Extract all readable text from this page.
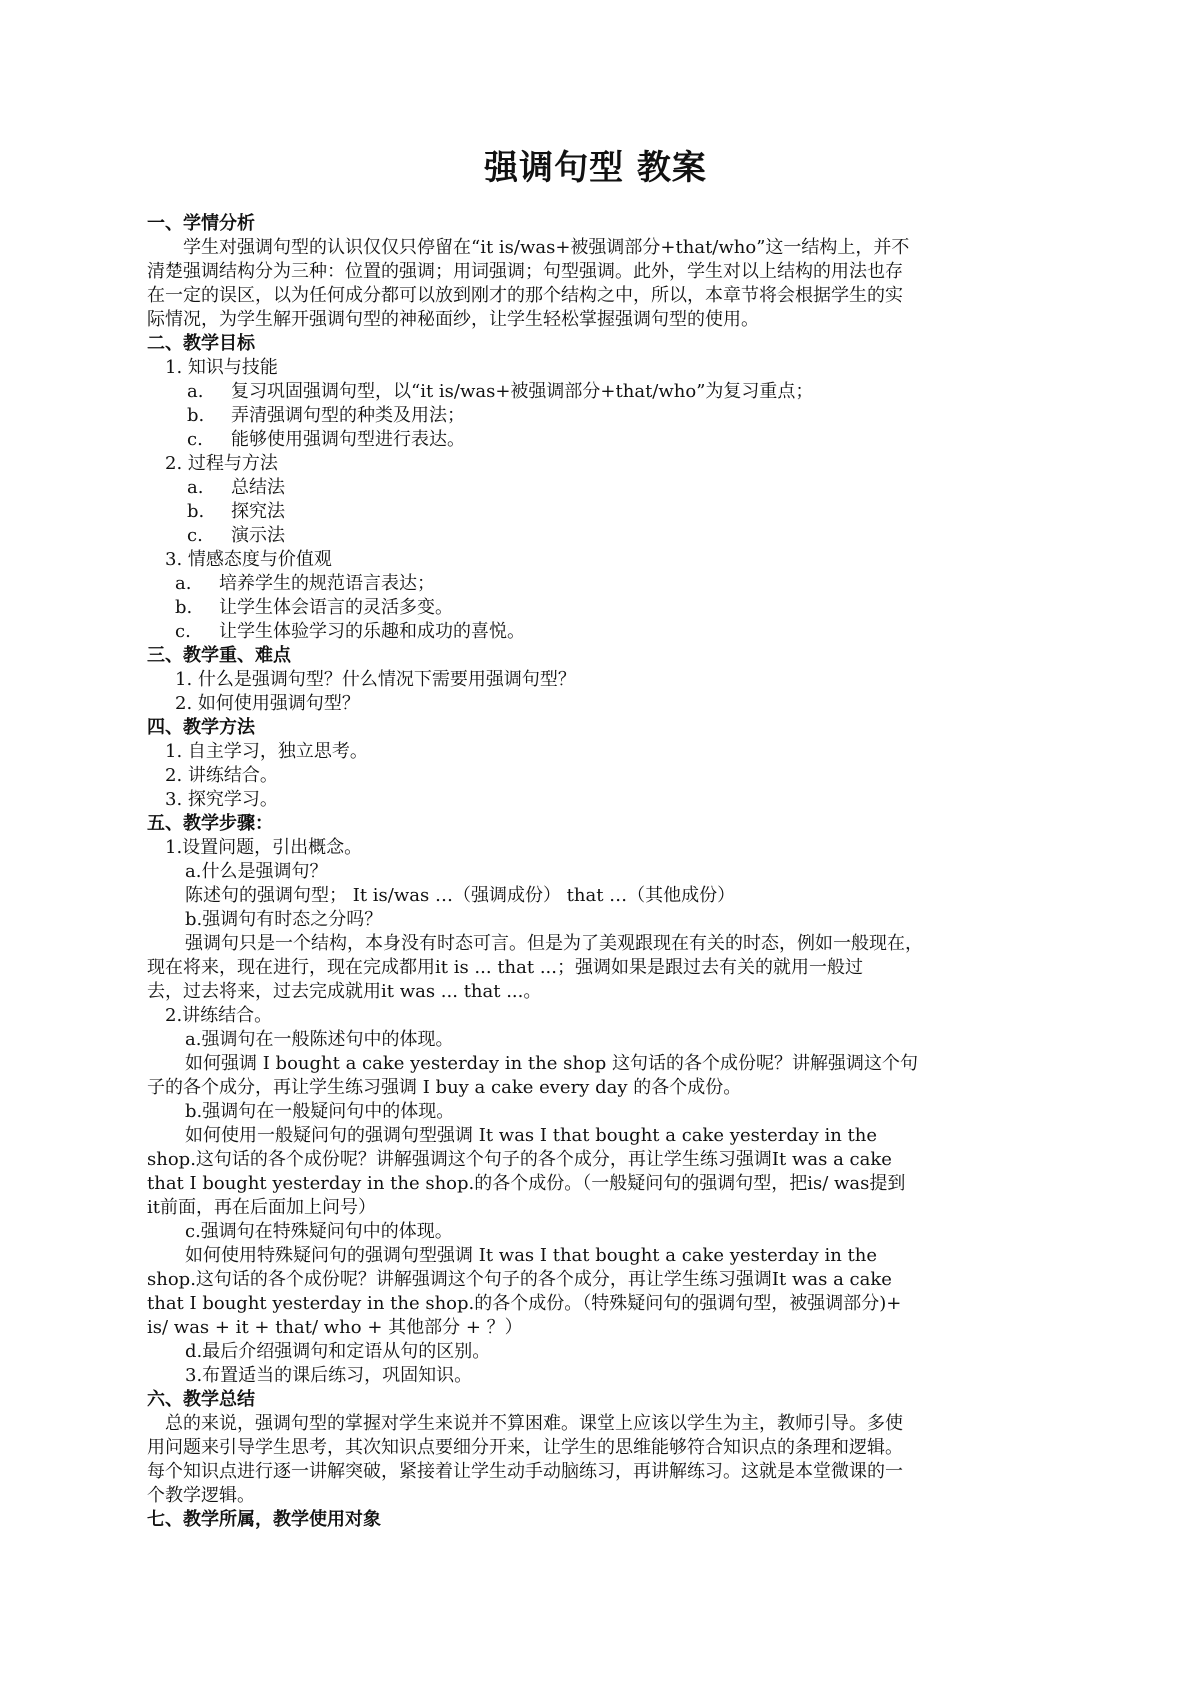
强调句型 教案
一、学情分析
　　学生对强调句型的认识仅仅只停留在“it is/was+被强调部分+that/who”这一结构上，并不
清楚强调结构分为三种：位置的强调；用词强调；句型强调。此外，学生对以上结构的用法也存
在一定的误区，以为任何成分都可以放到刚才的那个结构之中，所以，本章节将会根据学生的实
际情况，为学生解开强调句型的神秘面纱，让学生轻松掌握强调句型的使用。
二、教学目标
1. 知识与技能
a. 复习巩固强调句型，以“it is/was+被强调部分+that/who”为复习重点；
b. 弄清强调句型的种类及用法；
c. 能够使用强调句型进行表达。
2. 过程与方法
a. 总结法
b. 探究法
c. 演示法
3. 情感态度与价值观
a. 培养学生的规范语言表达；
b. 让学生体会语言的灵活多变。
c. 让学生体验学习的乐趣和成功的喜悦。
三、教学重、难点
1. 什么是强调句型？什么情况下需要用强调句型？
2. 如何使用强调句型？
四、教学方法
1. 自主学习，独立思考。
2. 讲练结合。
3. 探究学习。
五、教学步骤：
1.设置问题，引出概念。
a.什么是强调句？
陈述句的强调句型； It is/was …（强调成份） that …（其他成份）
b.强调句有时态之分吗？
强调句只是一个结构，本身没有时态可言。但是为了美观跟现在有关的时态，例如一般现在，
现在将来，现在进行，现在完成都用it is ... that ...；强调如果是跟过去有关的就用一般过
去，过去将来，过去完成就用it was ... that ...。
2.讲练结合。
a.强调句在一般陈述句中的体现。
如何强调 I bought a cake yesterday in the shop 这句话的各个成份呢？讲解强调这个句
子的各个成分，再让学生练习强调 I buy a cake every day 的各个成份。
b.强调句在一般疑问句中的体现。
如何使用一般疑问句的强调句型强调 It was I that bought a cake yesterday in the
shop.这句话的各个成份呢？讲解强调这个句子的各个成分，再让学生练习强调It was a cake
that I bought yesterday in the shop.的各个成份。（一般疑问句的强调句型，把is/ was提到
it前面，再在后面加上问号）
c.强调句在特殊疑问句中的体现。
如何使用特殊疑问句的强调句型强调 It was I that bought a cake yesterday in the
shop.这句话的各个成份呢？讲解强调这个句子的各个成分，再让学生练习强调It was a cake
that I bought yesterday in the shop.的各个成份。（特殊疑问句的强调句型，被强调部分)+
is/ was + it + that/ who + 其他部分 + ？）
d.最后介绍强调句和定语从句的区别。
3.布置适当的课后练习，巩固知识。
六、教学总结
　总的来说，强调句型的掌握对学生来说并不算困难。课堂上应该以学生为主，教师引导。多使
用问题来引导学生思考，其次知识点要细分开来，让学生的思维能够符合知识点的条理和逻辑。
每个知识点进行逐一讲解突破，紧接着让学生动手动脑练习，再讲解练习。这就是本堂微课的一
个教学逻辑。
七、教学所属，教学使用对象
